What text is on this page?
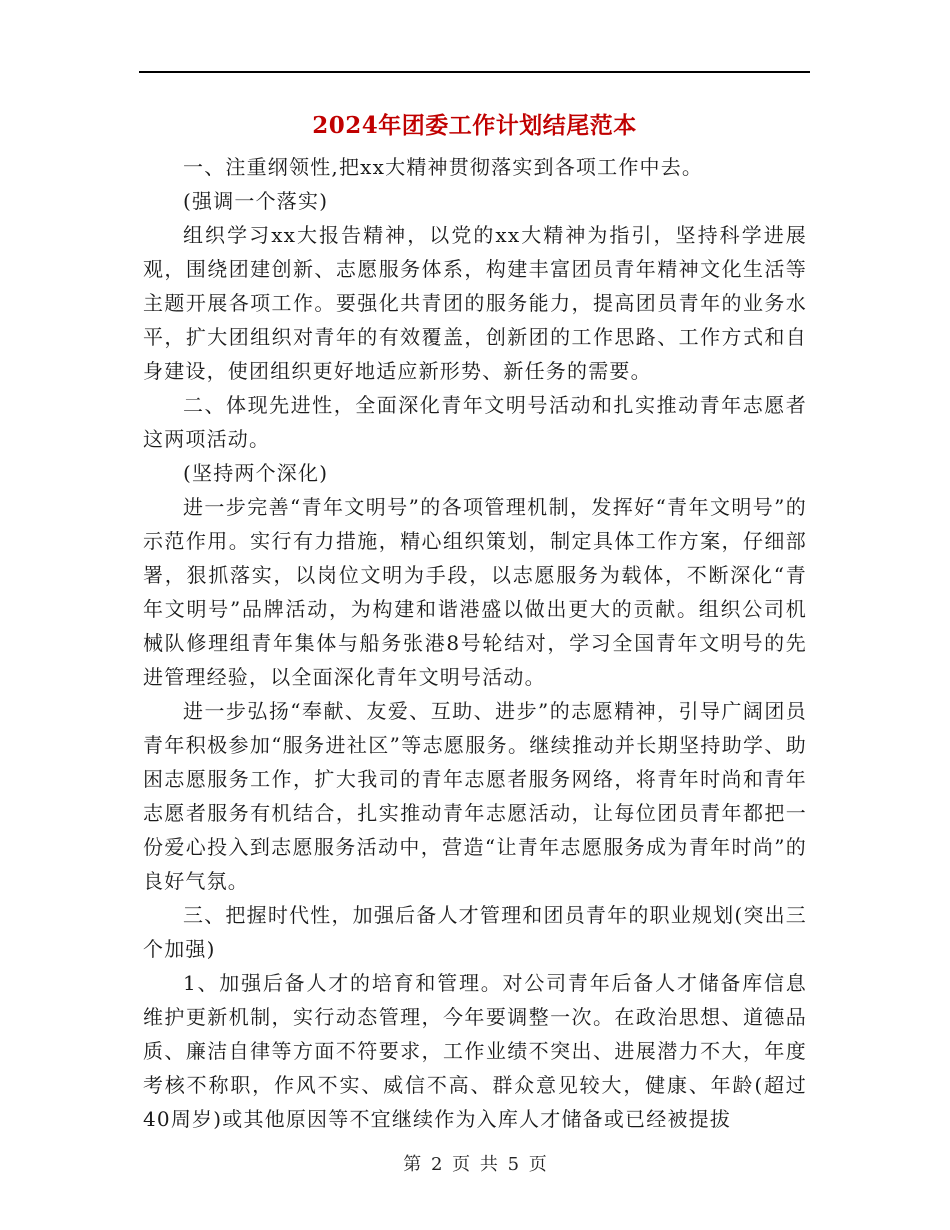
2024年团委工作计划结尾范本

一、注重纲领性,把xx大精神贯彻落实到各项工作中去。

(强调一个落实)

组织学习xx大报告精神，以党的xx大精神为指引，坚持科学进展观，围绕团建创新、志愿服务体系，构建丰富团员青年精神文化生活等主题开展各项工作。要强化共青团的服务能力，提高团员青年的业务水平，扩大团组织对青年的有效覆盖，创新团的工作思路、工作方式和自身建设，使团组织更好地适应新形势、新任务的需要。

二、体现先进性，全面深化青年文明号活动和扎实推动青年志愿者这两项活动。

(坚持两个深化)

进一步完善“青年文明号”的各项管理机制，发挥好“青年文明号”的示范作用。实行有力措施，精心组织策划，制定具体工作方案，仔细部署，狠抓落实，以岗位文明为手段，以志愿服务为载体，不断深化“青年文明号”品牌活动，为构建和谐港盛以做出更大的贡献。组织公司机械队修理组青年集体与船务张港8号轮结对，学习全国青年文明号的先进管理经验，以全面深化青年文明号活动。

进一步弘扬“奉献、友爱、互助、进步”的志愿精神，引导广阔团员青年积极参加“服务进社区”等志愿服务。继续推动并长期坚持助学、助困志愿服务工作，扩大我司的青年志愿者服务网络，将青年时尚和青年志愿者服务有机结合，扎实推动青年志愿活动，让每位团员青年都把一份爱心投入到志愿服务活动中，营造“让青年志愿服务成为青年时尚”的良好气氛。

三、把握时代性，加强后备人才管理和团员青年的职业规划(突出三个加强)

1、加强后备人才的培育和管理。对公司青年后备人才储备库信息维护更新机制，实行动态管理，今年要调整一次。在政治思想、道德品质、廉洁自律等方面不符要求，工作业绩不突出、进展潜力不大，年度考核不称职，作风不实、威信不高、群众意见较大，健康、年龄(超过40周岁)或其他原因等不宜继续作为入库人才储备或已经被提拔

第 2 页 共 5 页
